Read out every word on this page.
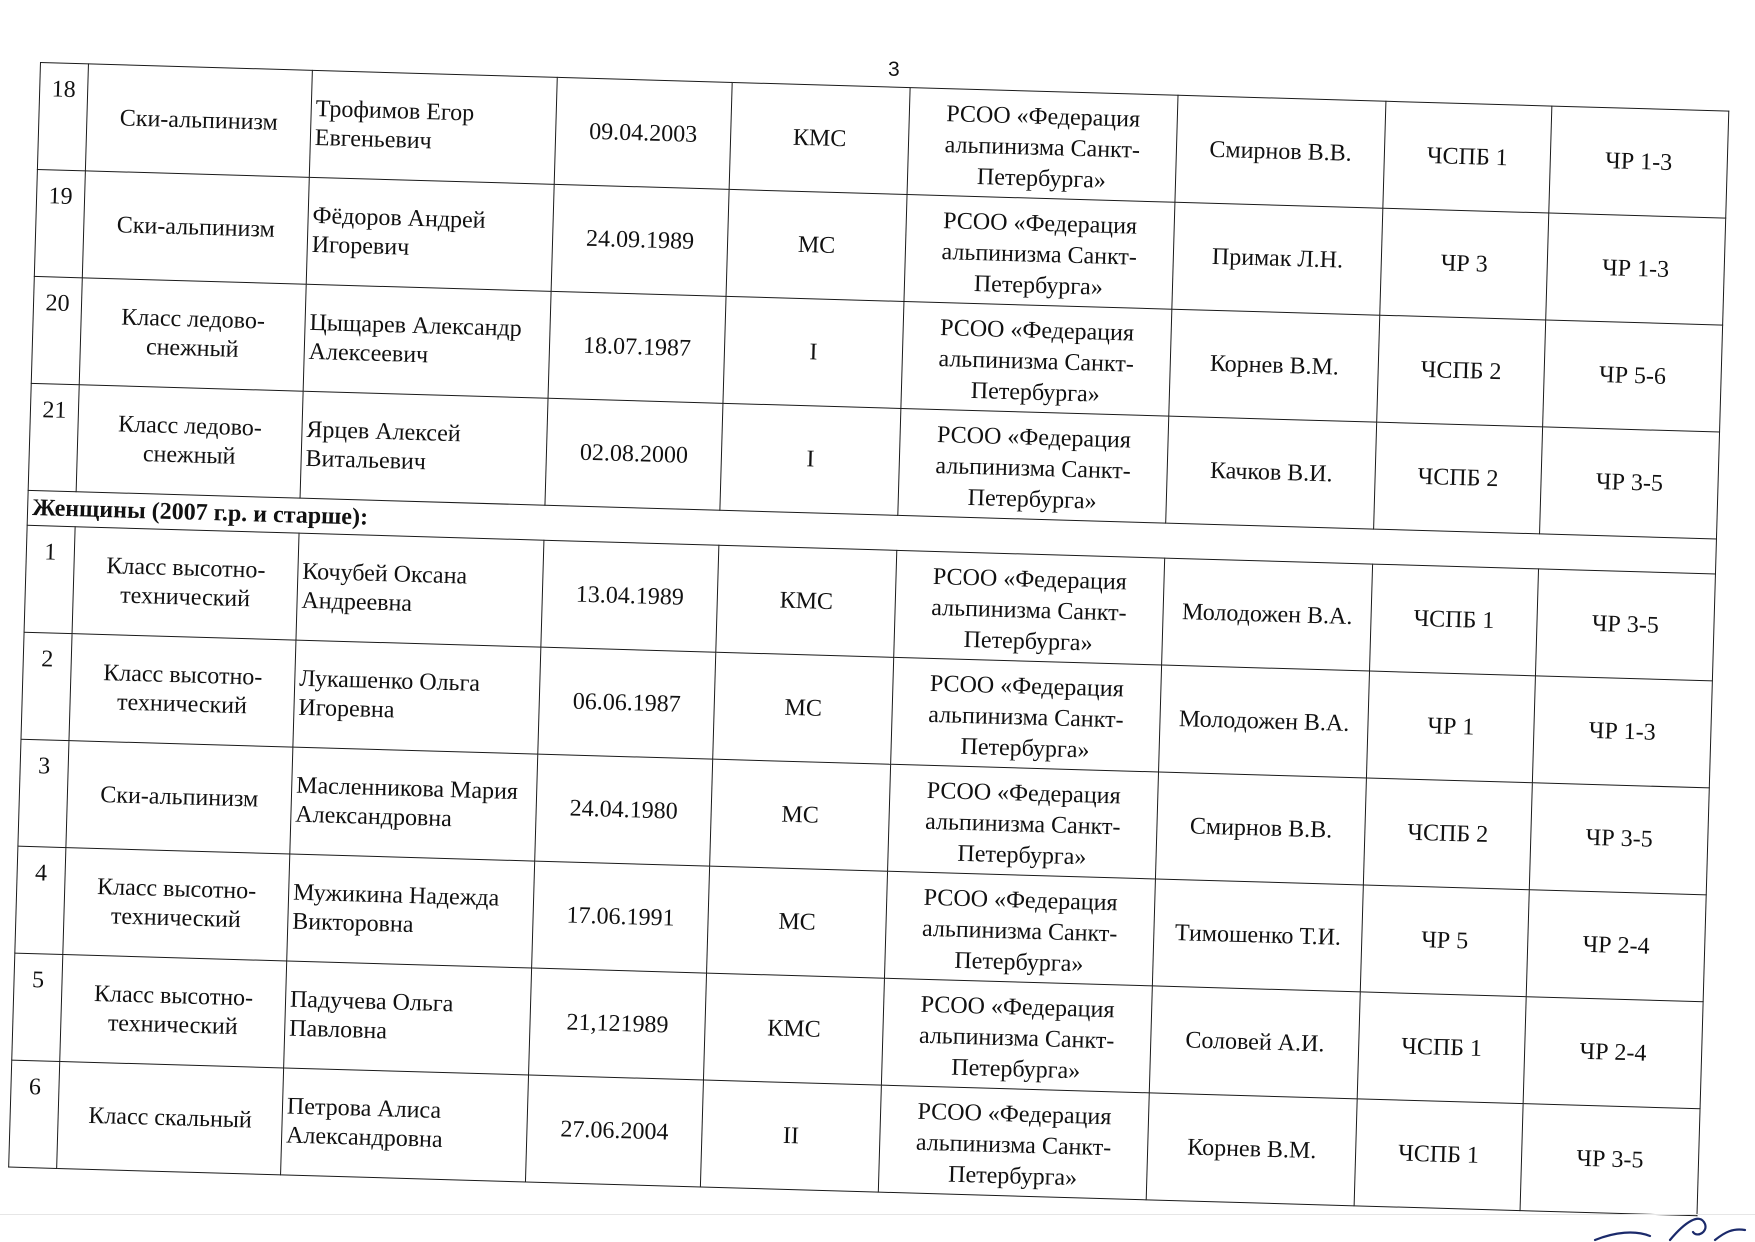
3
18	Ски-альпинизм	Трофимов Егор Евгеньевич	09.04.2003	КМС	РСОО «Федерация альпинизма Санкт-Петербурга»	Смирнов В.В.	ЧСПБ 1	ЧР 1-3
19	Ски-альпинизм	Фёдоров Андрей Игоревич	24.09.1989	МС	РСОО «Федерация альпинизма Санкт-Петербурга»	Примак Л.Н.	ЧР 3	ЧР 1-3
20	Класс ледово-снежный	Цыщарев Александр Алексеевич	18.07.1987	I	РСОО «Федерация альпинизма Санкт-Петербурга»	Корнев В.М.	ЧСПБ 2	ЧР 5-6
21	Класс ледово-снежный	Ярцев Алексей Витальевич	02.08.2000	I	РСОО «Федерация альпинизма Санкт-Петербурга»	Качков В.И.	ЧСПБ 2	ЧР 3-5
Женщины (2007 г.р. и старше):								
1	Класс высотно-технический	Кочубей Оксана Андреевна	13.04.1989	КМС	РСОО «Федерация альпинизма Санкт-Петербурга»	Молодожен В.А.	ЧСПБ 1	ЧР 3-5
2	Класс высотно-технический	Лукашенко Ольга Игоревна	06.06.1987	МС	РСОО «Федерация альпинизма Санкт-Петербурга»	Молодожен В.А.	ЧР 1	ЧР 1-3
3	Ски-альпинизм	Масленникова Мария Александровна	24.04.1980	МС	РСОО «Федерация альпинизма Санкт-Петербурга»	Смирнов В.В.	ЧСПБ 2	ЧР 3-5
4	Класс высотно-технический	Мужикина Надежда Викторовна	17.06.1991	МС	РСОО «Федерация альпинизма Санкт-Петербурга»	Тимошенко Т.И.	ЧР 5	ЧР 2-4
5	Класс высотно-технический	Падучева Ольга Павловна	21,121989	КМС	РСОО «Федерация альпинизма Санкт-Петербурга»	Соловей А.И.	ЧСПБ 1	ЧР 2-4
6	Класс скальный	Петрова Алиса Александровна	27.06.2004	II	РСОО «Федерация альпинизма Санкт-Петербурга»	Корнев В.М.	ЧСПБ 1	ЧР 3-5
